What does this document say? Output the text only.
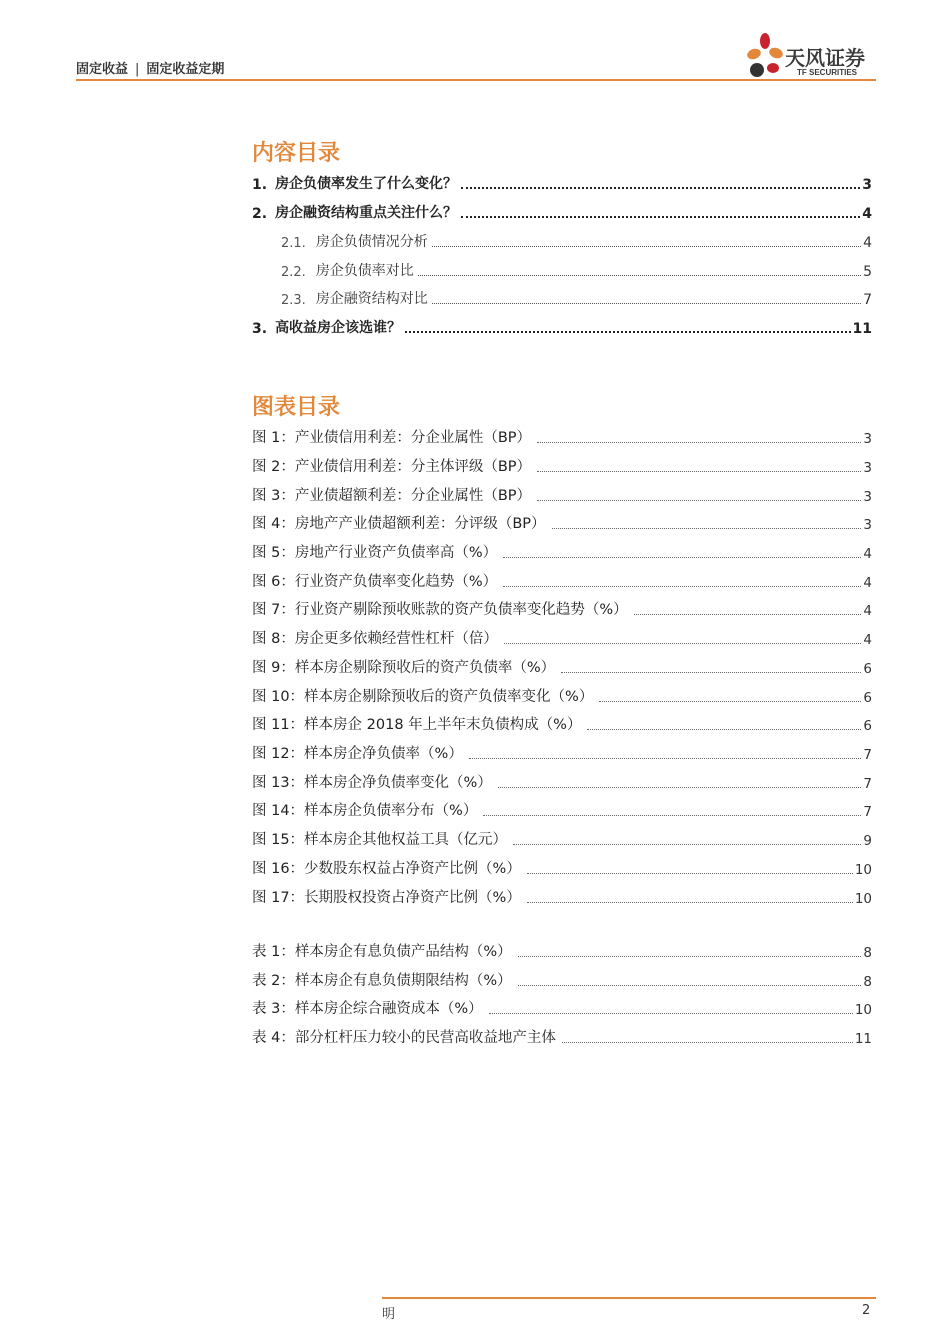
固定收益 | 固定收益定期	天风证券
TF SECURITIES
内容目录
1. 房企负债率发生了什么变化？	3
2. 房企融资结构重点关注什么？	4
2.1. 房企负债情况分析	4
2.2. 房企负债率对比	5
2.3. 房企融资结构对比	7
3. 高收益房企该选谁？	11
图表目录
图 1：产业债信用利差：分企业属性（BP）	3
图 2：产业债信用利差：分主体评级（BP）	3
图 3：产业债超额利差：分企业属性（BP）	3
图 4：房地产产业债超额利差：分评级（BP）	3
图 5：房地产行业资产负债率高（%）	4
图 6：行业资产负债率变化趋势（%）	4
图 7：行业资产剔除预收账款的资产负债率变化趋势（%）	4
图 8：房企更多依赖经营性杠杆（倍）	4
图 9：样本房企剔除预收后的资产负债率（%）	6
图 10：样本房企剔除预收后的资产负债率变化（%）	6
图 11：样本房企 2018 年上半年末负债构成（%）	6
图 12：样本房企净负债率（%）	7
图 13：样本房企净负债率变化（%）	7
图 14：样本房企负债率分布（%）	7
图 15：样本房企其他权益工具（亿元）	9
图 16：少数股东权益占净资产比例（%）	10
图 17：长期股权投资占净资产比例（%）	10
表 1：样本房企有息负债产品结构（%）	8
表 2：样本房企有息负债期限结构（%）	8
表 3：样本房企综合融资成本（%）	10
表 4：部分杠杆压力较小的民营高收益地产主体	11
明	2
